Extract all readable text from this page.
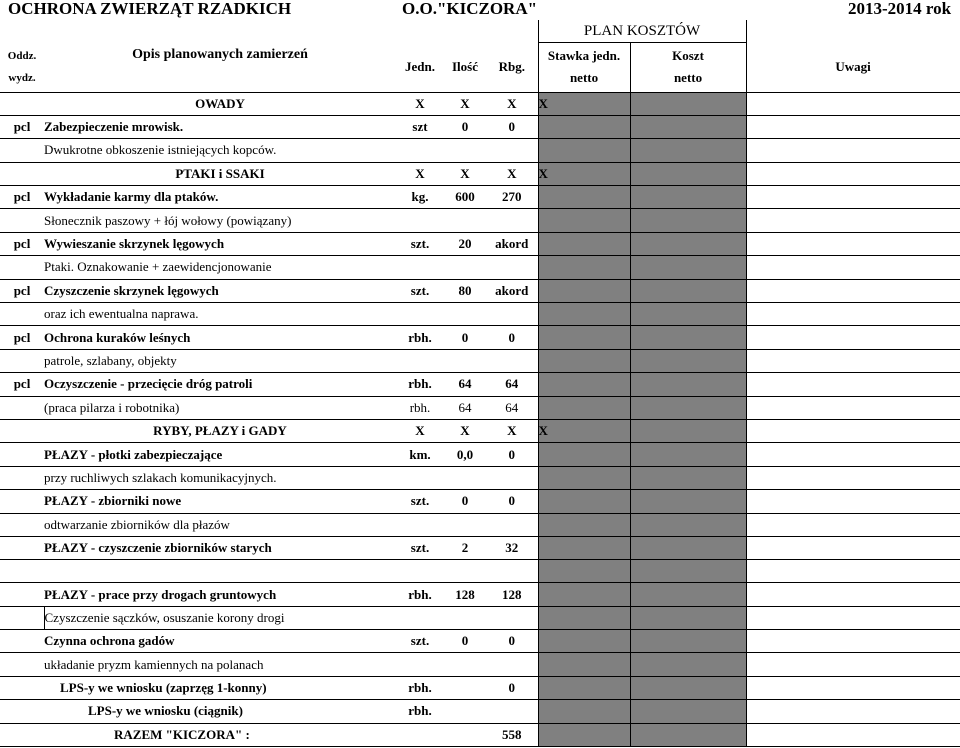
OCHRONA ZWIERZĄT RZADKICH	O.O."KICZORA"	2013-2014 rok
					PLAN KOSZTÓW		

Oddz.
wydz.	Opis planowanych zamierzeń	Jedn.	Ilość	Rbg.	Stawka jedn.
netto	Koszt
netto	Uwagi
	OWADY	X	X	X	X		
pcl	Zabezpieczenie mrowisk.	szt	0	0			
	Dwukrotne obkoszenie istniejących kopców.						
	PTAKI i SSAKI	X	X	X	X		
pcl	Wykładanie karmy dla ptaków.	kg.	600	270			
	Słonecznik paszowy + łój wołowy (powiązany)						
pcl	Wywieszanie skrzynek lęgowych	szt.	20	akord			
	Ptaki. Oznakowanie + zaewidencjonowanie						
pcl	Czyszczenie skrzynek lęgowych	szt.	80	akord			
	oraz ich ewentualna naprawa.						
pcl	Ochrona kuraków leśnych	rbh.	0	0			
	patrole, szlabany, objekty						
pcl	Oczyszczenie - przecięcie dróg patroli	rbh.	64	64			
	(praca pilarza i robotnika)	rbh.	64	64			
	RYBY, PŁAZY i GADY	X	X	X	X		
	PŁAZY - płotki zabezpieczające	km.	0,0	0			
	przy ruchliwych szlakach komunikacyjnych.						
	PŁAZY - zbiorniki nowe	szt.	0	0			
	odtwarzanie zbiorników dla płazów						
	PŁAZY - czyszczenie zbiorników starych	szt.	2	32			

	PŁAZY - prace przy drogach gruntowych	rbh.	128	128			
	Czyszczenie sączków, osuszanie korony drogi						
	Czynna ochrona gadów	szt.	0	0			
	układanie pryzm kamiennych na polanach						
	LPS-y we wniosku (zaprzęg 1-konny)	rbh.		0			
	LPS-y we wniosku (ciągnik)	rbh.					
	RAZEM "KICZORA" :			558			
